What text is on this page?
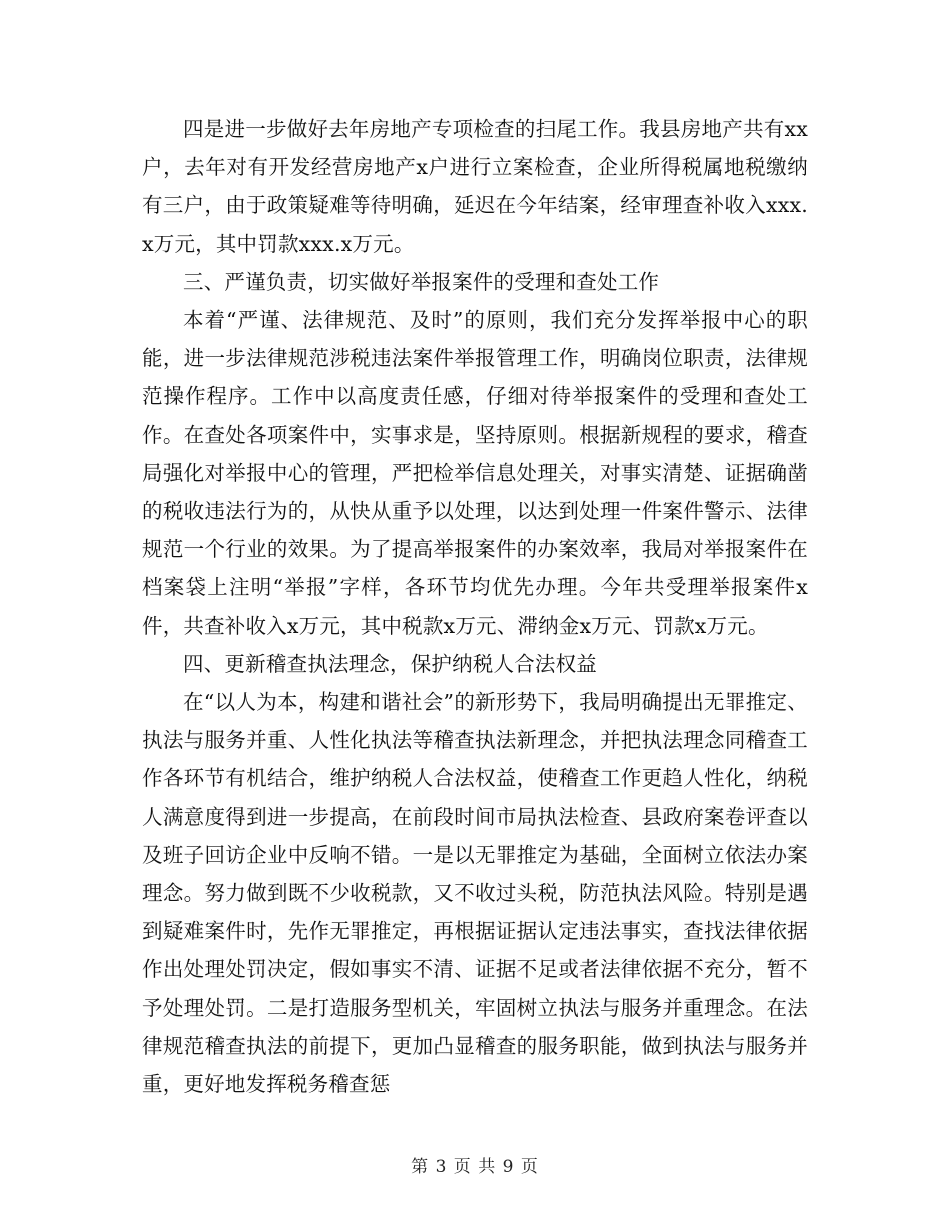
四是进一步做好去年房地产专项检查的扫尾工作。我县房地产共有xx户，去年对有开发经营房地产x户进行立案检查，企业所得税属地税缴纳有三户，由于政策疑难等待明确，延迟在今年结案，经审理查补收入xxx.x万元，其中罚款xxx.x万元。

三、严谨负责，切实做好举报案件的受理和查处工作

本着“严谨、法律规范、及时”的原则，我们充分发挥举报中心的职能，进一步法律规范涉税违法案件举报管理工作，明确岗位职责，法律规范操作程序。工作中以高度责任感，仔细对待举报案件的受理和查处工作。在查处各项案件中，实事求是，坚持原则。根据新规程的要求，稽查局强化对举报中心的管理，严把检举信息处理关，对事实清楚、证据确凿的税收违法行为的，从快从重予以处理，以达到处理一件案件警示、法律规范一个行业的效果。为了提高举报案件的办案效率，我局对举报案件在档案袋上注明“举报”字样，各环节均优先办理。今年共受理举报案件x件，共查补收入x万元，其中税款x万元、滞纳金x万元、罚款x万元。

四、更新稽查执法理念，保护纳税人合法权益

在“以人为本，构建和谐社会”的新形势下，我局明确提出无罪推定、执法与服务并重、人性化执法等稽查执法新理念，并把执法理念同稽查工作各环节有机结合，维护纳税人合法权益，使稽查工作更趋人性化，纳税人满意度得到进一步提高，在前段时间市局执法检查、县政府案卷评查以及班子回访企业中反响不错。一是以无罪推定为基础，全面树立依法办案理念。努力做到既不少收税款，又不收过头税，防范执法风险。特别是遇到疑难案件时，先作无罪推定，再根据证据认定违法事实，查找法律依据作出处理处罚决定，假如事实不清、证据不足或者法律依据不充分，暂不予处理处罚。二是打造服务型机关，牢固树立执法与服务并重理念。在法律规范稽查执法的前提下，更加凸显稽查的服务职能，做到执法与服务并重，更好地发挥税务稽查惩

第 3 页 共 9 页
